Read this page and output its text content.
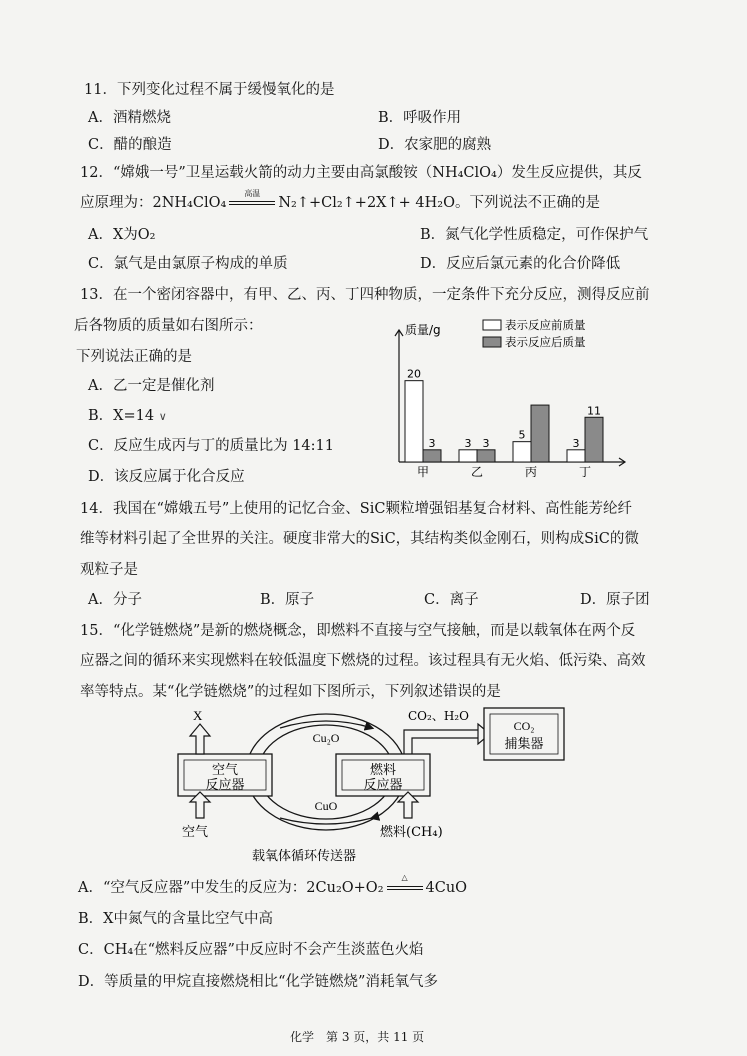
11．下列变化过程不属于缓慢氧化的是
A．酒精燃烧	B．呼吸作用
C．醋的酿造	D．农家肥的腐熟
12．“嫦娥一号”卫星运载火箭的动力主要由高氯酸铵（NH₄ClO₄）发生反应提供，其反
应原理为：2NH₄ClO₄
高温
N₂↑+Cl₂↑+2X↑+ 4H₂O。下列说法不正确的是
A．X为O₂	B．氮气化学性质稳定，可作保护气
C．氯气是由氯原子构成的单质	D．反应后氯元素的化合价降低
13．在一个密闭容器中，有甲、乙、丙、丁四种物质，一定条件下充分反应，测得反应前
后各物质的质量如右图所示：
下列说法正确的是
A．乙一定是催化剂
B．X=14 ∨
C．反应生成丙与丁的质量比为 14:11
D．该反应属于化合反应
质量/g	表示反应前质量
表示反应后质量
20
3
甲
3 3
乙
5
丙
3
11
丁
14．我国在“嫦娥五号”上使用的记忆合金、SiC颗粒增强铝基复合材料、高性能芳纶纤
维等材料引起了全世界的关注。硬度非常大的SiC，其结构类似金刚石，则构成SiC的微
观粒子是
A．分子	B．原子	C．离子	D．原子团
15．“化学链燃烧”是新的燃烧概念，即燃料不直接与空气接触，而是以载氧体在两个反
应器之间的循环来实现燃料在较低温度下燃烧的过程。该过程具有无火焰、低污染、高效
率等特点。某“化学链燃烧”的过程如下图所示，下列叙述错误的是
X
空气
反应器
燃料
反应器
Cu₂O
CuO
空气	燃料(CH₄)
CO₂、H₂O
CO₂
捕集器
载氧体循环传送器
A．“空气反应器”中发生的反应为：2Cu₂O+O₂
△
4CuO
B．X中氮气的含量比空气中高
C．CH₄在“燃料反应器”中反应时不会产生淡蓝色火焰
D．等质量的甲烷直接燃烧相比“化学链燃烧”消耗氧气多
化学　第 3 页，共 11 页
